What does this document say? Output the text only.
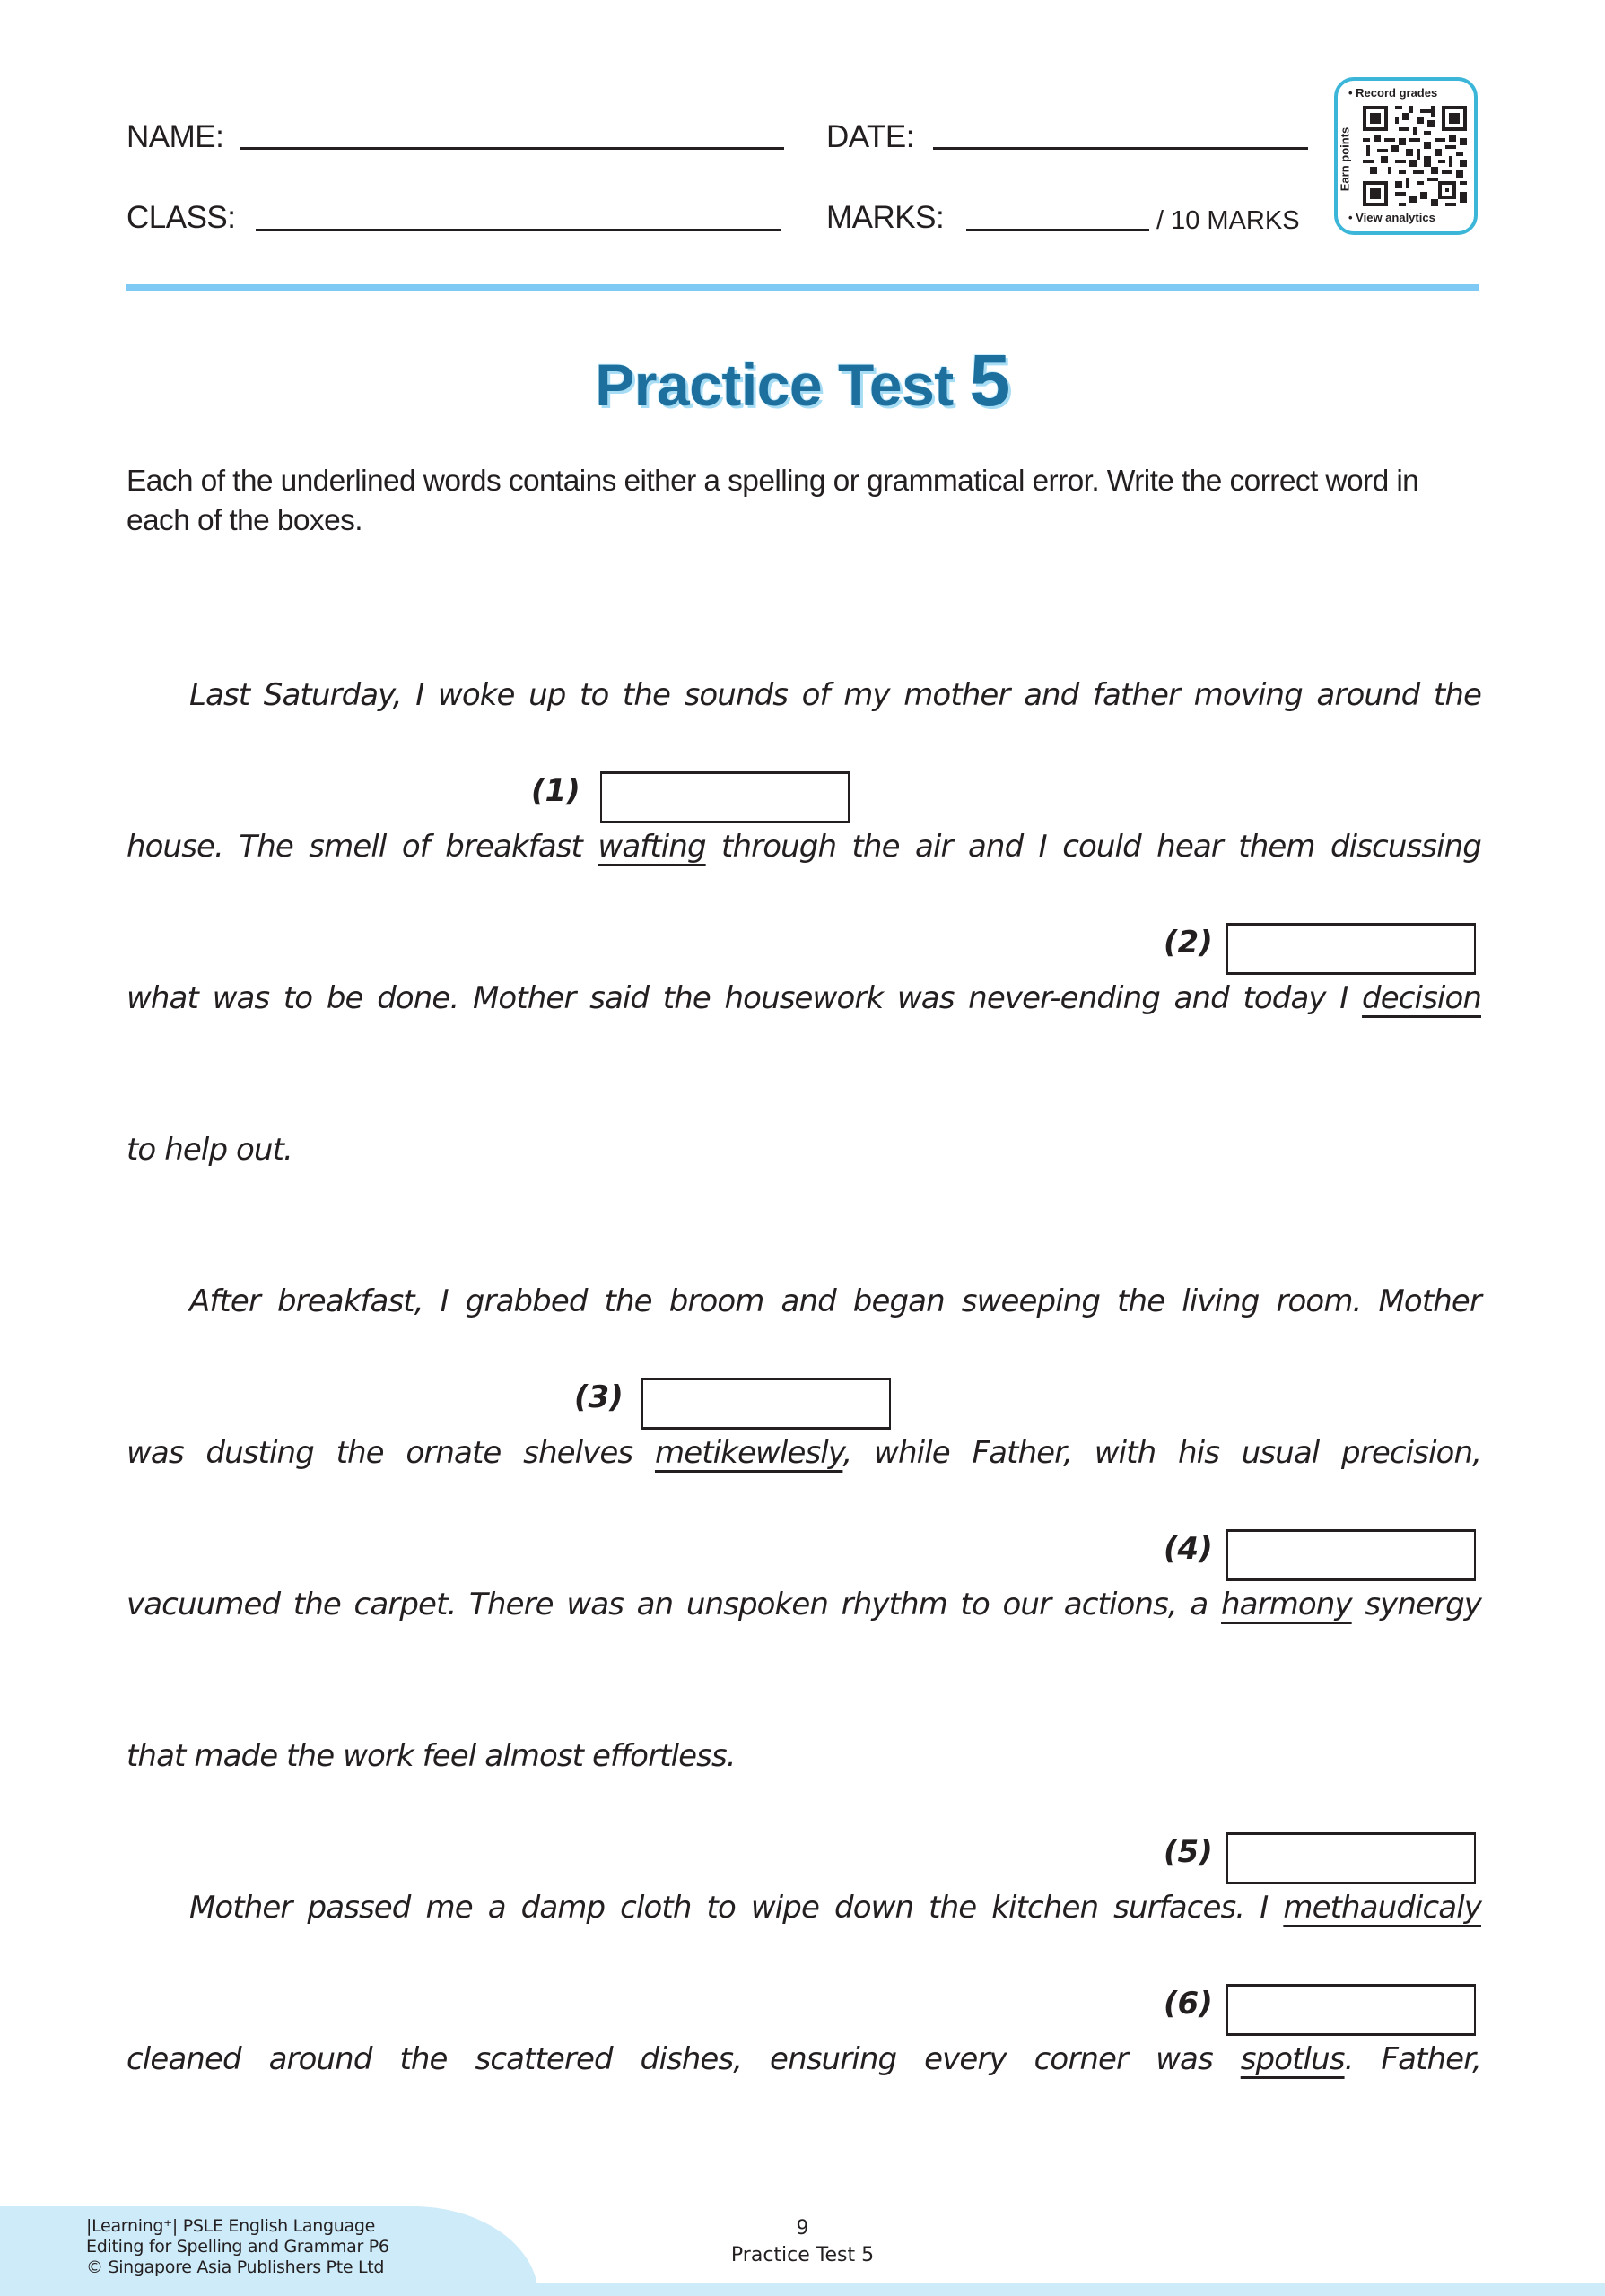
NAME:	DATE:
CLASS:	MARKS:	/ 10 MARKS
• Record grades
Earn points
• View analytics
Practice Test 5
Each of the underlined words contains either a spelling or grammatical error. Write the correct word in each of the boxes.
Last Saturday, I woke up to the sounds of my mother and father moving around the
(1)
house. The smell of breakfast wafting through the air and I could hear them discussing
(2)
what was to be done. Mother said the housework was never-ending and today I decision
to help out.
After breakfast, I grabbed the broom and began sweeping the living room. Mother
(3)
was dusting the ornate shelves metikewlesly, while Father, with his usual precision,
(4)
vacuumed the carpet. There was an unspoken rhythm to our actions, a harmony synergy
that made the work feel almost effortless.
(5)
Mother passed me a damp cloth to wipe down the kitchen surfaces. I methaudicaly
(6)
cleaned around the scattered dishes, ensuring every corner was spotlus. Father,
|Learning⁺| PSLE English Language
Editing for Spelling and Grammar P6
© Singapore Asia Publishers Pte Ltd
9
Practice Test 5
